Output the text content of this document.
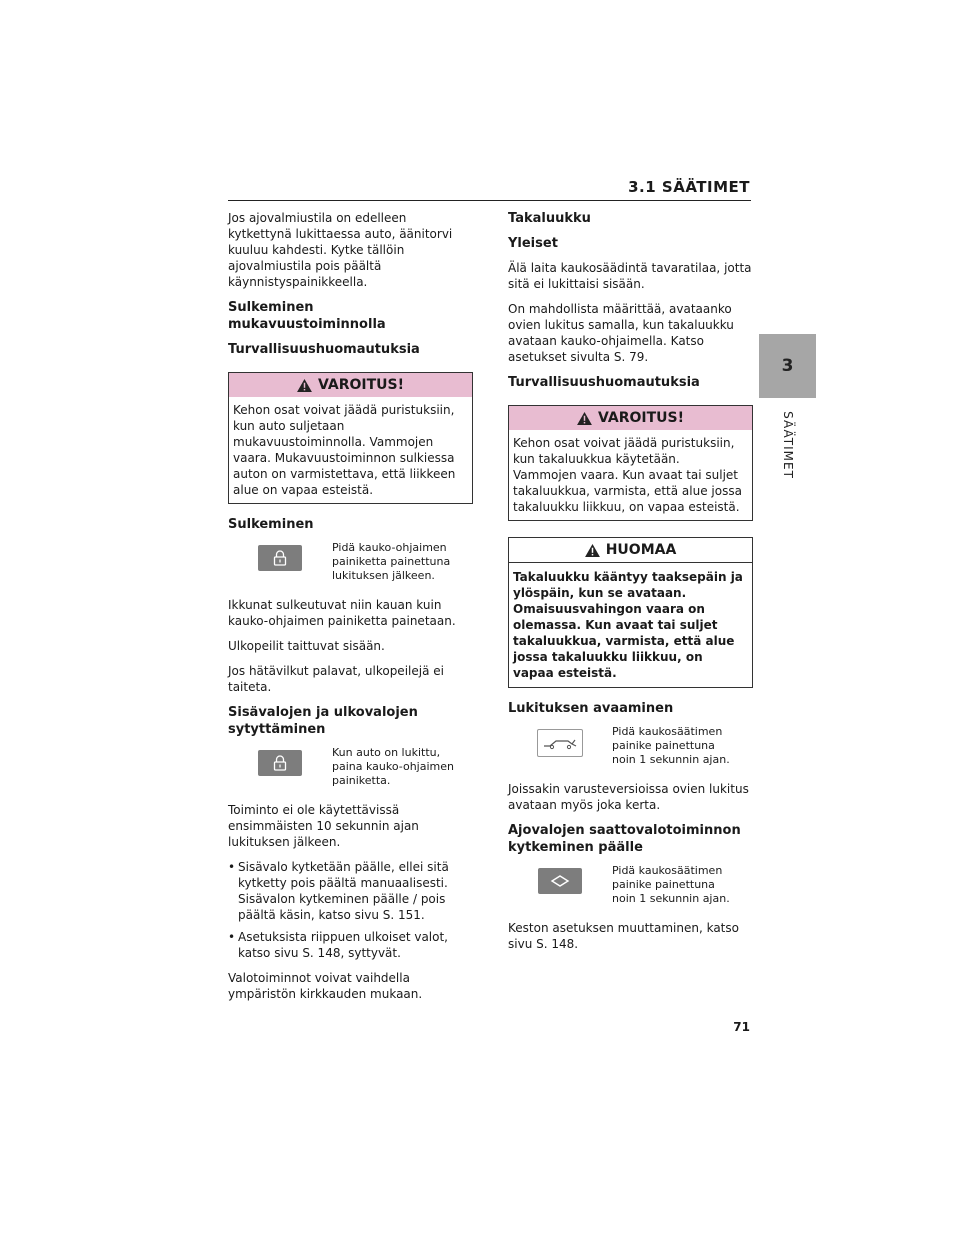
3.1 SÄÄTIMET
3
SÄÄTIMET

Jos ajovalmiustila on edelleen kytkettynä lukittaessa auto, äänitorvi kuuluu kahdesti. Kytke tällöin ajovalmiustila pois päältä käynnistyspainikkeella.

Sulkeminen mukavuustoiminnolla
Turvallisuushuomautuksia
VAROITUS!
Kehon osat voivat jäädä puristuksiin, kun auto suljetaan mukavuustoiminnolla. Vammojen vaara. Mukavuustoiminnon sulkiessa auton on varmistettava, että liikkeen alue on vapaa esteistä.
Sulkeminen
Pidä kauko-ohjaimen painiketta painettuna lukituksen jälkeen.

Ikkunat sulkeutuvat niin kauan kuin kauko-ohjaimen painiketta painetaan.

Ulkopeilit taittuvat sisään.

Jos hätävilkut palavat, ulkopeilejä ei taiteta.

Sisävalojen ja ulkovalojen sytyttäminen
Kun auto on lukittu, paina kauko-ohjaimen painiketta.

Toiminto ei ole käytettävissä ensimmäisten 10 sekunnin ajan lukituksen jälkeen.

• Sisävalo kytketään päälle, ellei sitä kytketty pois päältä manuaalisesti. Sisävalon kytkeminen päälle / pois päältä käsin, katso sivu S. 151.
• Asetuksista riippuen ulkoiset valot, katso sivu S. 148, syttyvät.

Valotoiminnot voivat vaihdella ympäristön kirkkauden mukaan.

Takaluukku
Yleiset

Älä laita kaukosäädintä tavaratilaa, jotta sitä ei lukittaisi sisään.

On mahdollista määrittää, avataanko ovien lukitus samalla, kun takaluukku avataan kauko-ohjaimella. Katso asetukset sivulta S. 79.

Turvallisuushuomautuksia
VAROITUS!
Kehon osat voivat jäädä puristuksiin, kun takaluukkua käytetään. Vammojen vaara. Kun avaat tai suljet takaluukkua, varmista, että alue jossa takaluukku liikkuu, on vapaa esteistä.
HUOMAA
Takaluukku kääntyy taaksepäin ja ylöspäin, kun se avataan. Omaisuusvahingon vaara on olemassa. Kun avaat tai suljet takaluukkua, varmista, että alue jossa takaluukku liikkuu, on vapaa esteistä.
Lukituksen avaaminen
Pidä kaukosäätimen painike painettuna noin 1 sekunnin ajan.

Joissakin varusteversioissa ovien lukitus avataan myös joka kerta.

Ajovalojen saattovalotoiminnon kytkeminen päälle
Pidä kaukosäätimen painike painettuna noin 1 sekunnin ajan.

Keston asetuksen muuttaminen, katso sivu S. 148.

71
